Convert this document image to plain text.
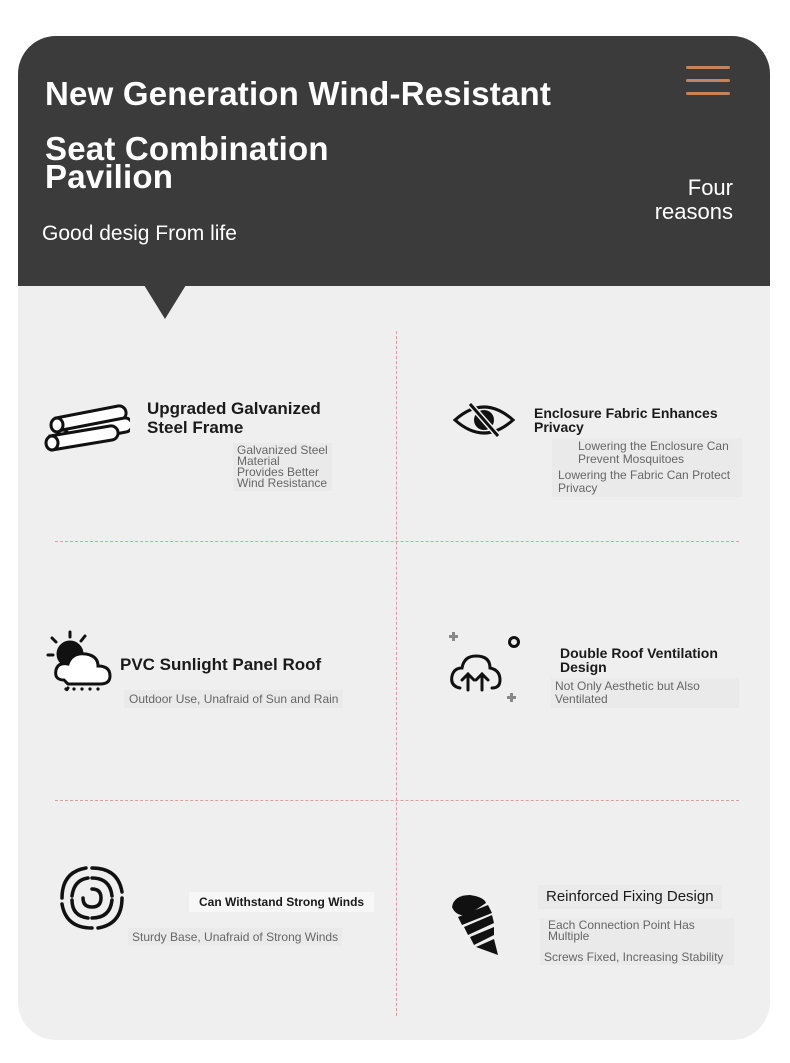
New Generation Wind-Resistant
Seat Combination
Pavilion
Good desig From life
Four
reasons
Upgraded Galvanized
Steel Frame
Galvanized Steel
Material
Provides Better
Wind Resistance
Enclosure Fabric Enhances
Privacy
Lowering the Enclosure Can
Prevent Mosquitoes
Lowering the Fabric Can Protect
Privacy
PVC Sunlight Panel Roof
Outdoor Use, Unafraid of Sun and Rain
Double Roof Ventilation
Design
Not Only Aesthetic but Also
Ventilated
Can Withstand Strong Winds
Sturdy Base, Unafraid of Strong Winds
Reinforced Fixing Design
Each Connection Point Has
Multiple
Screws Fixed, Increasing Stability
